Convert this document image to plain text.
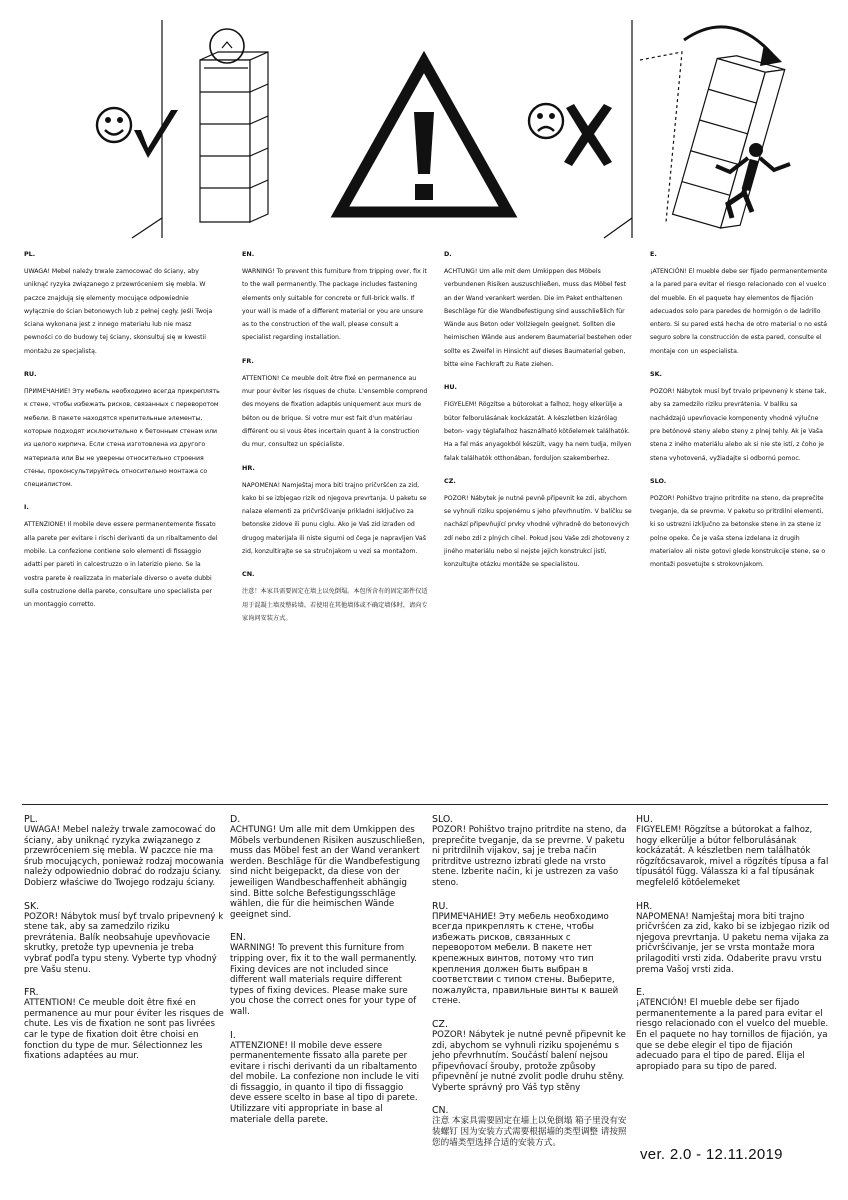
PL.
UWAGA! Mebel należy trwale zamocować do ściany, aby uniknąć ryzyka związanego z przewróceniem się mebla. W paczce znajdują się elementy mocujące odpowiednie wyłącznie do ścian betonowych lub z pełnej cegły. Jeśli Twoja ściana wykonana jest z innego materiału lub nie masz pewności co do budowy tej ściany, skonsultuj się w kwestii montażu ze specjalistą.
RU.
ПРИМЕЧАНИЕ! Эту мебель необходимо всегда прикреплять к стене, чтобы избежать рисков, связанных с переворотом мебели. В пакете находятся крепительные элементы, которые подходят исключительно к бетонным стенам или из целого кирпича. Если стена изготовлена из другого материала или Вы не уверены относительно строения стены, проконсультируйтесь относительно монтажа со специалистом.
I.
ATTENZIONE! Il mobile deve essere permanentemente fissato alla parete per evitare i rischi derivanti da un ribaltamento del mobile. La confezione contiene solo elementi di fissaggio adatti per pareti in calcestruzzo o in laterizio pieno. Se la vostra parete è realizzata in materiale diverso o avete dubbi sulla costruzione della parete, consultare uno specialista per un montaggio corretto.
EN.
WARNING! To prevent this furniture from tripping over, fix it to the wall permanently. The package includes fastening elements only suitable for concrete or full-brick walls. If your wall is made of a different material or you are unsure as to the construction of the wall, please consult a specialist regarding installation.
FR.
ATTENTION! Ce meuble doit être fixé en permanence au mur pour éviter les risques de chute. L'ensemble comprend des moyens de fixation adaptés uniquement aux murs de béton ou de brique. Si votre mur est fait d'un matériau différent ou si vous êtes incertain quant à la construction du mur, consultez un spécialiste.
HR.
NAPOMENA! Namještaj mora biti trajno pričvršćen za zid, kako bi se izbjegao rizik od njegova prevrtanja. U paketu se nalaze elementi za pričvršćivanje prikladni isključivo za betonske zidove ili punu ciglu. Ako je Vaš zid izrađen od drugog materijala ili niste sigurni od čega je napravljen Vaš zid, konzultirajte se sa stručnjakom u vezi sa montažom.
CN.
注意！本家具需要固定在墙上以免倒塌。本包所含有的固定部件仅适用于混凝土墙及整砖墙。若使用在其他墙体或不确定墙体时，请向专家询问安装方式。
D.
ACHTUNG! Um alle mit dem Umkippen des Möbels verbundenen Risiken auszuschließen, muss das Möbel fest an der Wand verankert werden. Die im Paket enthaltenen Beschläge für die Wandbefestigung sind ausschließlich für Wände aus Beton oder Vollziegeln geeignet. Sollten die heimischen Wände aus anderem Baumaterial bestehen oder sollte es Zweifel in Hinsicht auf dieses Baumaterial geben, bitte eine Fachkraft zu Rate ziehen.
HU.
FIGYELEM! Rögzítse a bútorokat a falhoz, hogy elkerülje a bútor felborulásának kockázatát. A készletben kizárólag beton- vagy téglafalhoz használható kötőelemek találhatók. Ha a fal más anyagokból készült, vagy ha nem tudja, milyen falak találhatók otthonában, forduljon szakemberhez.
CZ.
POZOR! Nábytek je nutné pevně připevnit ke zdi, abychom se vyhnuli riziku spojenému s jeho převrhnutím. V balíčku se nachází připevňující prvky vhodné výhradně do betonových zdí nebo zdí z plných cihel. Pokud jsou Vaše zdi zhotoveny z jiného materiálu nebo si nejste jejich konstrukcí jistí, konzultujte otázku montáže se specialistou.
E.
¡ATENCIÓN! El mueble debe ser fijado permanentemente a la pared para evitar el riesgo relacionado con el vuelco del mueble. En el paquete hay elementos de fijación adecuados solo para paredes de hormigón o de ladrillo entero. Si su pared está hecha de otro material o no está seguro sobre la construcción de esta pared, consulte el montaje con un especialista.
SK.
POZOR! Nábytok musí byť trvalo pripevnený k stene tak, aby sa zamedzilo riziku prevrátenia. V balíku sa nachádzajú upevňovacie komponenty vhodné výlučne pre betónové steny alebo steny z plnej tehly. Ak je Vaša stena z iného materiálu alebo ak si nie ste istí, z čoho je stena vyhotovená, vyžiadajte si odbornú pomoc.
SLO.
POZOR! Pohištvo trajno pritrdite na steno, da preprečite tveganje, da se prevrne. V paketu so pritrdilni elementi, ki so ustrezni izključno za betonske stene in za stene iz polne opeke. Če je vaša stena izdelana iz drugih materialov ali niste gotovi glede konstrukcije stene, se o montaži posvetujte s strokovnjakom.
PL.
UWAGA! Mebel należy trwale zamocować do ściany, aby uniknąć ryzyka związanego z przewróceniem się mebla. W paczce nie ma śrub mocujących, ponieważ rodzaj mocowania należy odpowiednio dobrać do rodzaju ściany. Dobierz właściwe do Twojego rodzaju ściany.
SK.
POZOR! Nábytok musí byť trvalo pripevnený k stene tak, aby sa zamedzilo riziku prevrátenia. Balík neobsahuje upevňovacie skrutky, pretože typ upevnenia je treba vybrať podľa typu steny. Vyberte typ vhodný pre Vašu stenu.
FR.
ATTENTION! Ce meuble doit être fixé en permanence au mur pour éviter les risques de chute. Les vis de fixation ne sont pas livrées car le type de fixation doit être choisi en fonction du type de mur. Sélectionnez les fixations adaptées au mur.
D.
ACHTUNG! Um alle mit dem Umkippen des Möbels verbundenen Risiken auszuschließen, muss das Möbel fest an der Wand verankert werden. Beschläge für die Wandbefestigung sind nicht beigepackt, da diese von der jeweiligen Wandbeschaffenheit abhängig sind. Bitte solche Befestigungsschläge wählen, die für die heimischen Wände geeignet sind.
EN.
WARNING! To prevent this furniture from tripping over, fix it to the wall permanently. Fixing devices are not included since different wall materials require different types of fixing devices. Please make sure you chose the correct ones for your type of wall.
I.
ATTENZIONE! Il mobile deve essere permanentemente fissato alla parete per evitare i rischi derivanti da un ribaltamento del mobile. La confezione non include le viti di fissaggio, in quanto il tipo di fissaggio deve essere scelto in base al tipo di parete. Utilizzare viti appropriate in base al materiale della parete.
SLO.
POZOR! Pohištvo trajno pritrdite na steno, da preprečite tveganje, da se prevrne. V paketu ni pritrdilnih vijakov, saj je treba način pritrditve ustrezno izbrati glede na vrsto stene. Izberite način, ki je ustrezen za vašo steno.
RU.
ПРИМЕЧАНИЕ! Эту мебель необходимо всегда прикреплять к стене, чтобы избежать рисков, связанных с переворотом мебели. В пакете нет крепежных винтов, потому что тип крепления должен быть выбран в соответствии с типом стены. Выберите, пожалуйста, правильные винты к вашей стене.
CZ.
POZOR! Nábytek je nutné pevně připevnit ke zdi, abychom se vyhnuli riziku spojenému s jeho převrhnutím. Součástí balení nejsou připevňovací šrouby, protože způsoby připevnění je nutné zvolit podle druhu stěny. Vyberte správný pro Váš typ stěny
CN.
注意 本家具需要固定在墙上以免倒塌 箱子里没有安装螺钉 因为安装方式需要根据墙的类型调整 请按照您的墙类型选择合适的安装方式。
HU.
FIGYELEM! Rögzítse a bútorokat a falhoz, hogy elkerülje a bútor felborulásának kockázatát. A készletben nem találhatók rögzítőcsavarok, mivel a rögzítés típusa a fal típusától függ. Válassza ki a fal típusának megfelelő kötőelemeket
HR.
NAPOMENA! Namještaj mora biti trajno pričvršćen za zid, kako bi se izbjegao rizik od njegova prevrtanja. U paketu nema vijaka za pričvršćivanje, jer se vrsta montaže mora prilagoditi vrsti zida. Odaberite pravu vrstu prema Vašoj vrsti zida.
E.
¡ATENCIÓN! El mueble debe ser fijado permanentemente a la pared para evitar el riesgo relacionado con el vuelco del mueble. En el paquete no hay tornillos de fijación, ya que se debe elegir el tipo de fijación adecuado para el tipo de pared. Elija el apropiado para su tipo de pared.
ver. 2.0 - 12.11.2019
